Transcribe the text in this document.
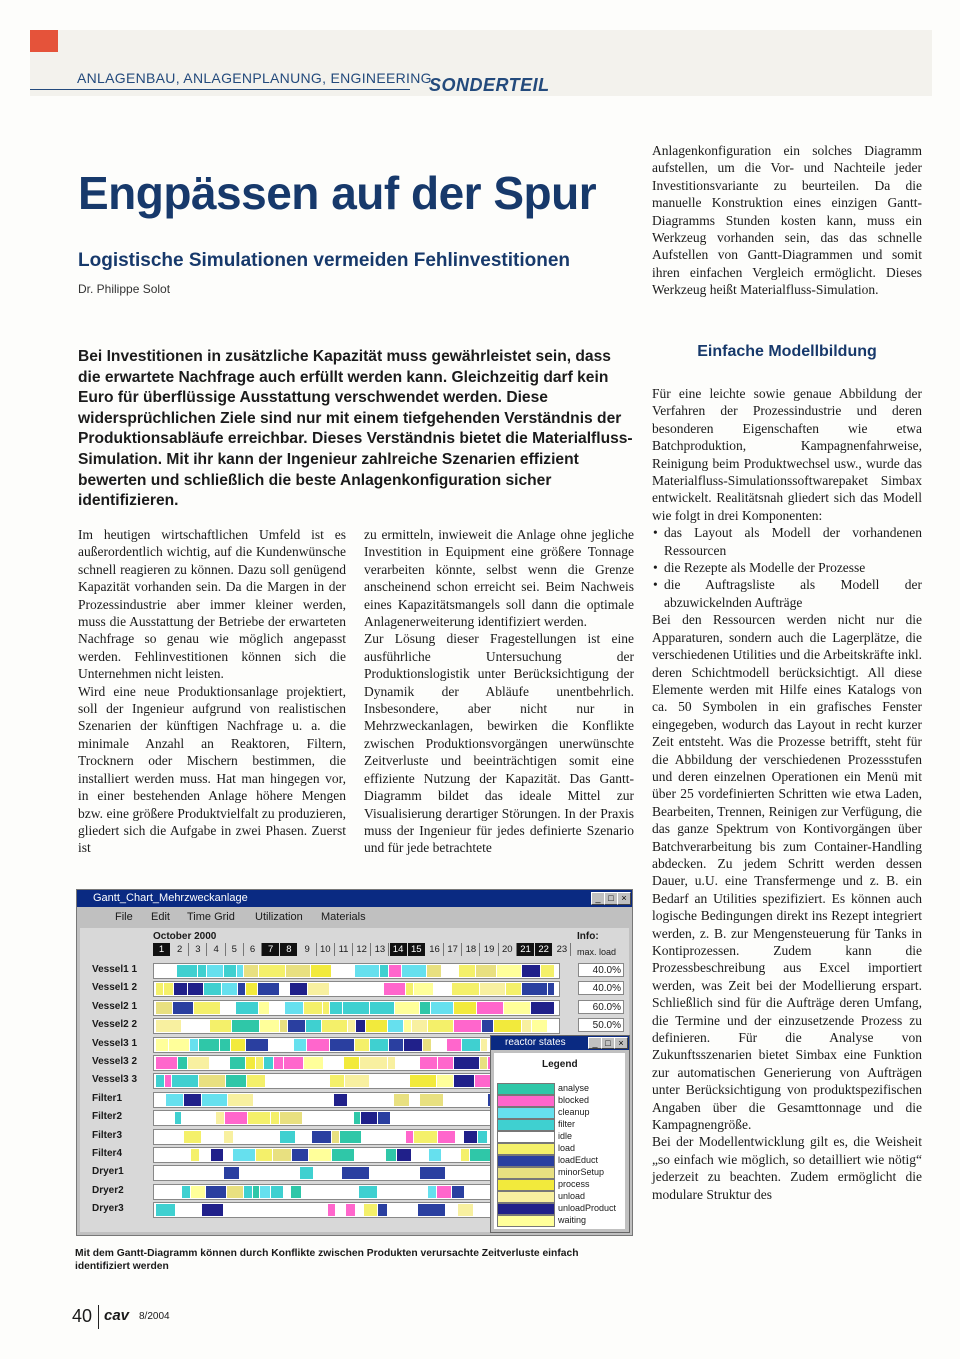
ANLAGENBAU, ANLAGENPLANUNG, ENGINEERING
SONDERTEIL
Engpässen auf der Spur
Logistische Simulationen vermeiden Fehlinvestitionen
Dr. Philippe Solot
Bei Investitionen in zusätzliche Kapazität muss gewährleistet sein, dass die erwartete Nachfrage auch erfüllt werden kann. Gleichzeitig darf kein Euro für überflüssige Ausstattung verschwendet werden. Diese widersprüchlichen Ziele sind nur mit einem tiefgehenden Verständnis der Produktionsabläufe erreichbar. Dieses Verständnis bietet die Materialfluss-Simulation. Mit ihr kann der Ingenieur zahlreiche Szenarien effizient bewerten und schließlich die beste Anlagenkonfiguration sicher identifizieren.

Im heutigen wirtschaftlichen Umfeld ist es außerordentlich wichtig, auf die Kundenwünsche schnell reagieren zu können. Dazu soll genügend Kapazität vorhanden sein. Da die Margen in der Prozessindustrie aber immer kleiner werden, muss die Ausstattung der Betriebe der erwarteten Nachfrage so genau wie möglich angepasst werden. Fehlinvestitionen können sich die Unternehmen nicht leisten.

Wird eine neue Produktionsanlage projektiert, soll der Ingenieur aufgrund von realistischen Szenarien der künftigen Nachfrage u. a. die minimale Anzahl an Reaktoren, Filtern, Trocknern oder Mischern bestimmen, die installiert werden muss. Hat man hingegen vor, in einer bestehenden Anlage höhere Mengen bzw. eine größere Produktvielfalt zu produzieren, gliedert sich die Aufgabe in zwei Phasen. Zuerst ist

zu ermitteln, inwieweit die Anlage ohne jegliche Investition in Equipment eine größere Tonnage verarbeiten könnte, selbst wenn die Grenze anscheinend schon erreicht sei. Beim Nachweis eines Kapazitätsmangels soll dann die optimale Anlagenerweiterung identifiziert werden.

Zur Lösung dieser Fragestellungen ist eine ausführliche Untersuchung der Produktionslogistik unter Berücksichtigung der Dynamik der Abläufe unentbehrlich. Insbesondere, aber nicht nur in Mehrzweckanlagen, bewirken die Konflikte zwischen Produktionsvorgängen unerwünschte Zeitverluste und beeinträchtigen somit eine effiziente Nutzung der Kapazität. Das Gantt-Diagramm bildet das ideale Mittel zur Visualisierung derartiger Störungen. In der Praxis muss der Ingenieur für jedes definierte Szenario und für jede betrachtete

Anlagenkonfiguration ein solches Diagramm aufstellen, um die Vor- und Nachteile jeder Investitionsvariante zu beurteilen. Da die manuelle Konstruktion eines einzigen Gantt-Diagramms Stunden kosten kann, muss ein Werkzeug vorhanden sein, das das schnelle Aufstellen von Gantt-Diagrammen und somit ihren einfachen Vergleich ermöglicht. Dieses Werkzeug heißt Materialfluss-Simulation.

Einfache Modellbildung

Für eine leichte sowie genaue Abbildung der Verfahren der Prozessindustrie und deren besonderen Eigenschaften wie etwa Batchproduktion, Kampagnenfahrweise, Reinigung beim Produktwechsel usw., wurde das Materialfluss-Simulationssoftwarepaket Simbax entwickelt. Realitätsnah gliedert sich das Modell wie folgt in drei Komponenten:

• das Layout als Modell der vorhandenen Ressourcen
• die Rezepte als Modelle der Prozesse
• die Auftragsliste als Modell der abzuwickelnden Aufträge

Bei den Ressourcen werden nicht nur die Apparaturen, sondern auch die Lagerplätze, die verschiedenen Utilities und die Arbeitskräfte inkl. deren Schichtmodell berücksichtigt. All diese Elemente werden mit Hilfe eines Katalogs von ca. 50 Symbolen in ein grafisches Fenster eingegeben, wodurch das Layout in recht kurzer Zeit entsteht. Was die Prozesse betrifft, steht für die Abbildung der verschiedenen Prozessstufen und deren einzelnen Operationen ein Menü mit über 25 vordefinierten Schritten wie etwa Laden, Bearbeiten, Trennen, Reinigen zur Verfügung, die das ganze Spektrum von Kontivorgängen über Batchverarbeitung bis zum Container-Handling abdecken. Zu jedem Schritt werden dessen Dauer, u.U. eine Transfermenge und z. B. ein Bedarf an Utilities spezifiziert. Es können auch logische Bedingungen direkt ins Rezept integriert werden, z. B. zur Mengensteuerung für Tanks in Kontiprozessen. Zudem kann die Prozessbeschreibung aus Excel importiert werden, was Zeit bei der Modellierung erspart. Schließlich sind für die Aufträge deren Umfang, die Termine und der einzusetzende Prozess zu definieren. Für die Analyse von Zukunftsszenarien bietet Simbax eine Funktion zur automatischen Generierung von Aufträgen unter Berücksichtigung von produktspezifischen Angaben über die Gesamttonnage und die Kampagnengröße.

Bei der Modellentwicklung gilt es, die Weisheit „so einfach wie möglich, so detailliert wie nötig“ jederzeit zu beachten. Zudem ermöglicht die modulare Struktur des

Gantt_Chart_Mehrzweckanlage	_ □ ×
File Edit Time Grid Utilization Materials
October 2000
1	2	3	4	5	6	7	8	9	10 11 12 13 14 15 16 17 18 19 20 21 22 23
Info:
max. load
Vessel1 1	40.0%
Vessel1 2	40.0%
Vessel2 1	60.0%
Vessel2 2	50.0%
Vessel3 1
Vessel3 2
Vessel3 3
Filter1
Filter2
Filter3
Filter4
Dryer1
Dryer2
Dryer3
reactor states	_ □ ×
Legend
analyse
blocked
cleanup
filter
idle
load
loadEduct
minorSetup
process
unload
unloadProduct
waiting
Mit dem Gantt-Diagramm können durch Konflikte zwischen Produkten verursachte Zeitverluste einfach identifiziert werden
40 cav 8/2004
